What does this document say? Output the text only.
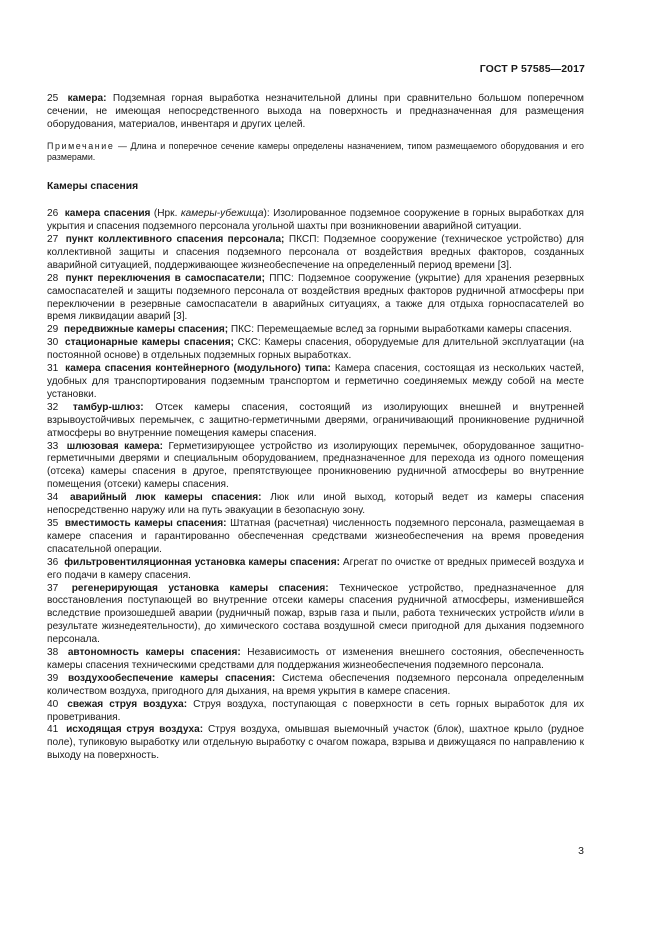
ГОСТ Р 57585—2017

25 камера: Подземная горная выработка незначительной длины при сравнительно большом поперечном сечении, не имеющая непосредственного выхода на поверхность и предназначенная для размещения оборудования, материалов, инвентаря и других целей.

Примечание — Длина и поперечное сечение камеры определены назначением, типом размещаемого оборудования и его размерами.

Камеры спасения

26 камера спасения (Нрк. камеры-убежища): Изолированное подземное сооружение в горных выработках для укрытия и спасения подземного персонала угольной шахты при возникновении аварийной ситуации.

27 пункт коллективного спасения персонала; ПКСП: Подземное сооружение (техническое устройство) для коллективной защиты и спасения подземного персонала от воздействия вредных факторов, созданных аварийной ситуацией, поддерживающее жизнеобеспечение на определенный период времени [3].

28 пункт переключения в самоспасатели; ППС: Подземное сооружение (укрытие) для хранения резервных самоспасателей и защиты подземного персонала от воздействия вредных факторов рудничной атмосферы при переключении в резервные самоспасатели в аварийных ситуациях, а также для отдыха горноспасателей во время ликвидации аварий [3].

29 передвижные камеры спасения; ПКС: Перемещаемые вслед за горными выработками камеры спасения.

30 стационарные камеры спасения; СКС: Камеры спасения, оборудуемые для длительной эксплуатации (на постоянной основе) в отдельных подземных горных выработках.

31 камера спасения контейнерного (модульного) типа: Камера спасения, состоящая из нескольких частей, удобных для транспортирования подземным транспортом и герметично соединяемых между собой на месте установки.

32 тамбур-шлюз: Отсек камеры спасения, состоящий из изолирующих внешней и внутренней взрывоустойчивых перемычек, с защитно-герметичными дверями, ограничивающий проникновение рудничной атмосферы во внутренние помещения камеры спасения.

33 шлюзовая камера: Герметизирующее устройство из изолирующих перемычек, оборудованное защитно-герметичными дверями и специальным оборудованием, предназначенное для перехода из одного помещения (отсека) камеры спасения в другое, препятствующее проникновению рудничной атмосферы во внутренние помещения (отсеки) камеры спасения.

34 аварийный люк камеры спасения: Люк или иной выход, который ведет из камеры спасения непосредственно наружу или на путь эвакуации в безопасную зону.

35 вместимость камеры спасения: Штатная (расчетная) численность подземного персонала, размещаемая в камере спасения и гарантированно обеспеченная средствами жизнеобеспечения на время проведения спасательной операции.

36 фильтровентиляционная установка камеры спасения: Агрегат по очистке от вредных примесей воздуха и его подачи в камеру спасения.

37 регенерирующая установка камеры спасения: Техническое устройство, предназначенное для восстановления поступающей во внутренние отсеки камеры спасения рудничной атмосферы, изменившейся вследствие произошедшей аварии (рудничный пожар, взрыв газа и пыли, работа технических устройств и/или в результате жизнедеятельности), до химического состава воздушной смеси пригодной для дыхания подземного персонала.

38 автономность камеры спасения: Независимость от изменения внешнего состояния, обеспеченность камеры спасения техническими средствами для поддержания жизнеобеспечения подземного персонала.

39 воздухообеспечение камеры спасения: Система обеспечения подземного персонала определенным количеством воздуха, пригодного для дыхания, на время укрытия в камере спасения.

40 свежая струя воздуха: Струя воздуха, поступающая с поверхности в сеть горных выработок для их проветривания.

41 исходящая струя воздуха: Струя воздуха, омывшая выемочный участок (блок), шахтное крыло (рудное поле), тупиковую выработку или отдельную выработку с очагом пожара, взрыва и движущаяся по направлению к выходу на поверхность.

3
